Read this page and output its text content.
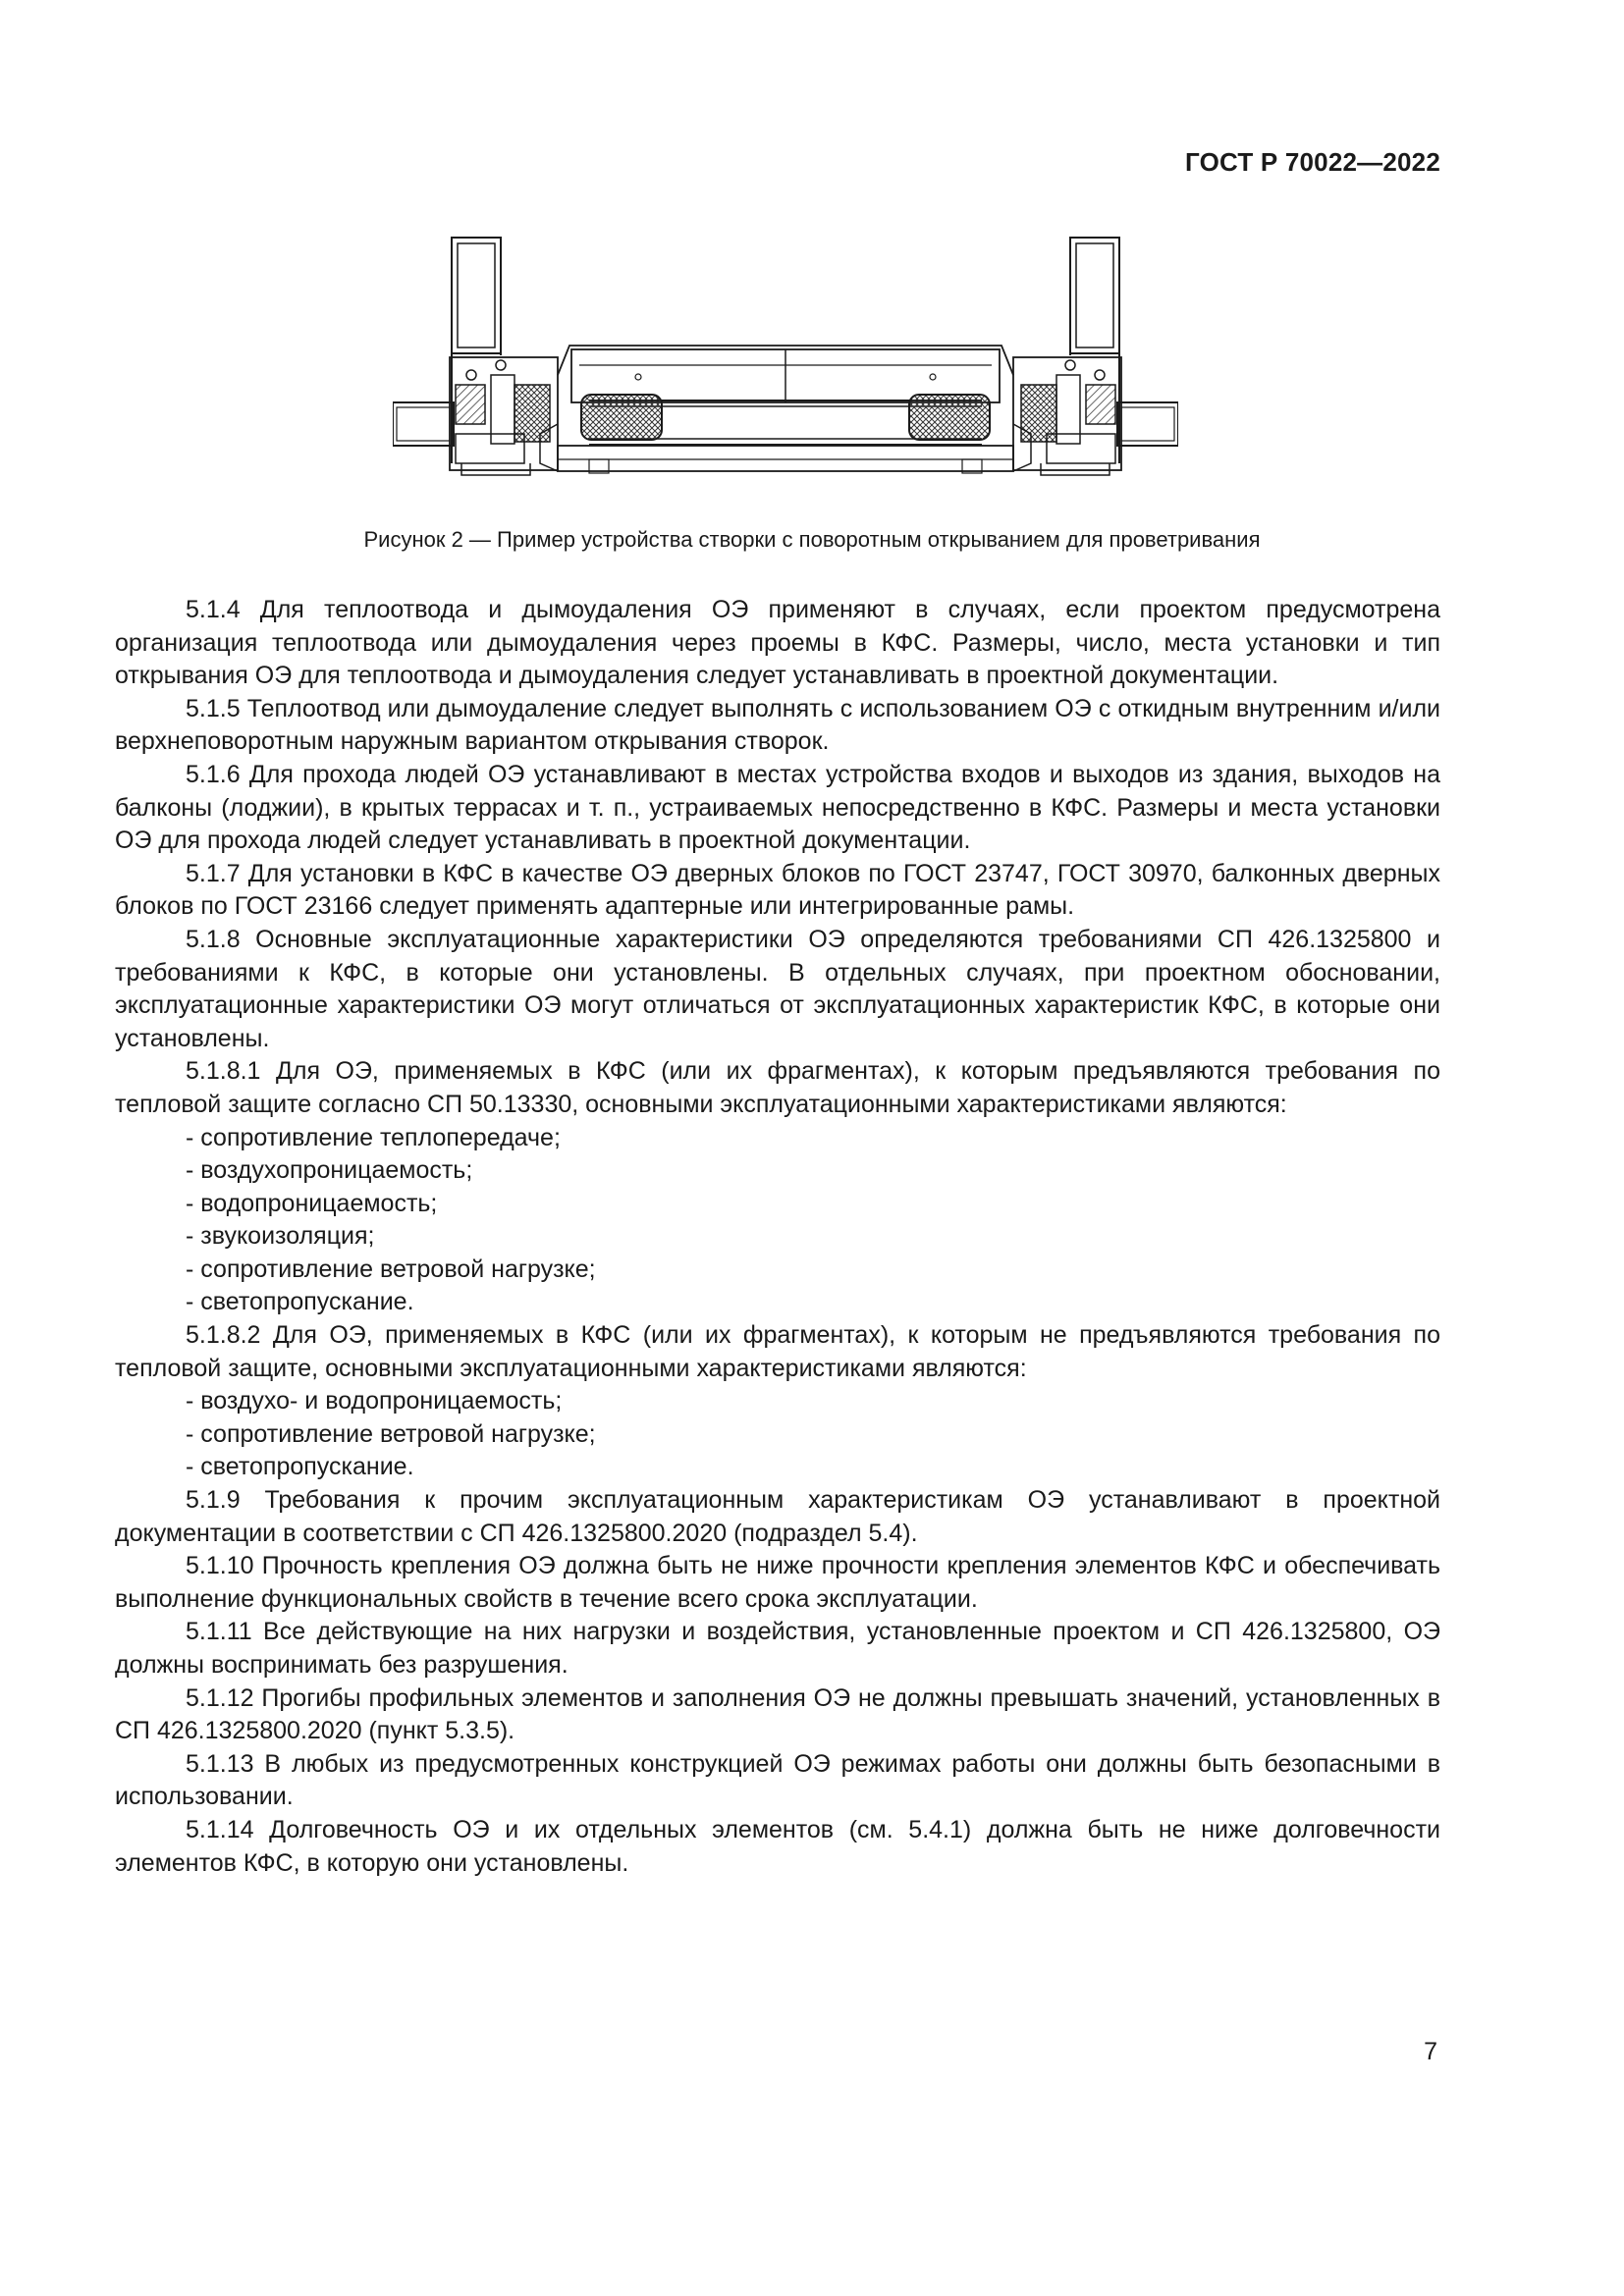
ГОСТ Р 70022—2022
Рисунок 2 — Пример устройства створки с поворотным открыванием для проветривания

5.1.4 Для теплоотвода и дымоудаления ОЭ применяют в случаях, если проектом предусмотрена организация теплоотвода или дымоудаления через проемы в КФС. Размеры, число, места установки и тип открывания ОЭ для теплоотвода и дымоудаления следует устанавливать в проектной документации.

5.1.5 Теплоотвод или дымоудаление следует выполнять с использованием ОЭ с откидным внутренним и/или верхнеповоротным наружным вариантом открывания створок.

5.1.6 Для прохода людей ОЭ устанавливают в местах устройства входов и выходов из здания, выходов на балконы (лоджии), в крытых террасах и т. п., устраиваемых непосредственно в КФС. Размеры и места установки ОЭ для прохода людей следует устанавливать в проектной документации.

5.1.7 Для установки в КФС в качестве ОЭ дверных блоков по ГОСТ 23747, ГОСТ 30970, балконных дверных блоков по ГОСТ 23166 следует применять адаптерные или интегрированные рамы.

5.1.8 Основные эксплуатационные характеристики ОЭ определяются требованиями СП 426.1325800 и требованиями к КФС, в которые они установлены. В отдельных случаях, при проектном обосновании, эксплуатационные характеристики ОЭ могут отличаться от эксплуатационных характеристик КФС, в которые они установлены.

5.1.8.1 Для ОЭ, применяемых в КФС (или их фрагментах), к которым предъявляются требования по тепловой защите согласно СП 50.13330, основными эксплуатационными характеристиками являются:

- сопротивление теплопередаче;

- воздухопроницаемость;

- водопроницаемость;

- звукоизоляция;

- сопротивление ветровой нагрузке;

- светопропускание.

5.1.8.2 Для ОЭ, применяемых в КФС (или их фрагментах), к которым не предъявляются требования по тепловой защите, основными эксплуатационными характеристиками являются:

- воздухо- и водопроницаемость;

- сопротивление ветровой нагрузке;

- светопропускание.

5.1.9 Требования к прочим эксплуатационным характеристикам ОЭ устанавливают в проектной документации в соответствии с СП 426.1325800.2020 (подраздел 5.4).

5.1.10 Прочность крепления ОЭ должна быть не ниже прочности крепления элементов КФС и обеспечивать выполнение функциональных свойств в течение всего срока эксплуатации.

5.1.11 Все действующие на них нагрузки и воздействия, установленные проектом и СП 426.1325800, ОЭ должны воспринимать без разрушения.

5.1.12 Прогибы профильных элементов и заполнения ОЭ не должны превышать значений, установленных в СП 426.1325800.2020 (пункт 5.3.5).

5.1.13 В любых из предусмотренных конструкцией ОЭ режимах работы они должны быть безопасными в использовании.

5.1.14 Долговечность ОЭ и их отдельных элементов (см. 5.4.1) должна быть не ниже долговечности элементов КФС, в которую они установлены.

7
